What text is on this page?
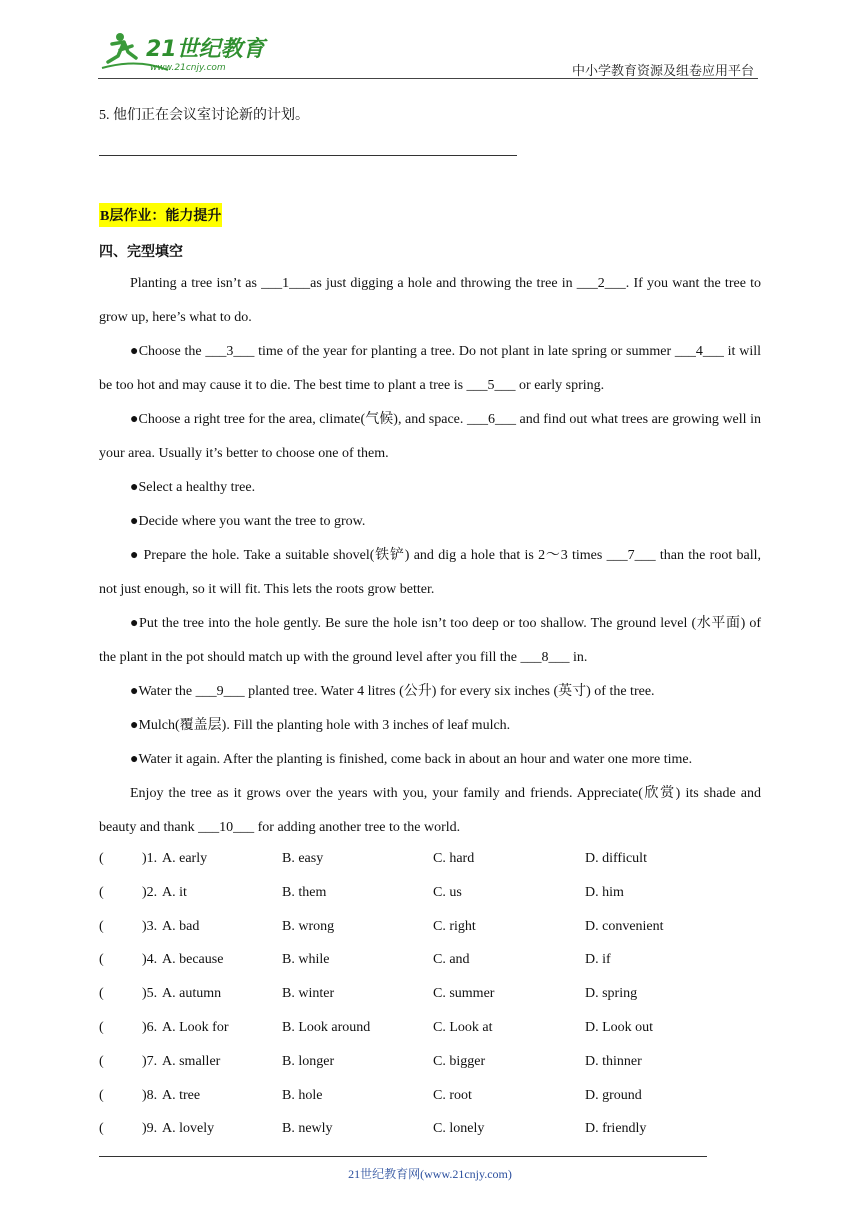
21世纪教育
www.21cnjy.com	中小学教育资源及组卷应用平台
5. 他们正在会议室讨论新的计划。
B层作业：能力提升
四、完型填空

Planting a tree isn’t as ___1___as just digging a hole and throwing the tree in ___2___. If you want the tree to grow up, here’s what to do.

●Choose the ___3___ time of the year for planting a tree. Do not plant in late spring or summer ___4___ it will be too hot and may cause it to die. The best time to plant a tree is ___5___ or early spring.

●Choose a right tree for the area, climate(气候), and space. ___6___ and find out what trees are growing well in your area. Usually it’s better to choose one of them.

●Select a healthy tree.

●Decide where you want the tree to grow.

● Prepare the hole. Take a suitable shovel(铁铲) and dig a hole that is 2～3 times ___7___ than the root ball, not just enough, so it will fit. This lets the roots grow better.

●Put the tree into the hole gently. Be sure the hole isn’t too deep or too shallow. The ground level (水平面) of the plant in the pot should match up with the ground level after you fill the ___8___ in.

●Water the ___9___ planted tree. Water 4 litres (公升) for every six inches (英寸) of the tree.

●Mulch(覆盖层). Fill the planting hole with 3 inches of leaf mulch.

●Water it again. After the planting is finished, come back in about an hour and water one more time.

Enjoy the tree as it grows over the years with you, your family and friends. Appreciate(欣赏) its shade and beauty and thank ___10___ for adding another tree to the world.

(	)1. A. early	B. easy	C. hard	D. difficult
(	)2. A. it	B. them	C. us	D. him
(	)3. A. bad	B. wrong	C. right	D. convenient
(	)4. A. because	B. while	C. and	D. if
(	)5. A. autumn	B. winter	C. summer	D. spring
(	)6. A. Look for	B. Look around	C. Look at	D. Look out
(	)7. A. smaller	B. longer	C. bigger	D. thinner
(	)8. A. tree	B. hole	C. root	D. ground
(	)9. A. lovely	B. newly	C. lonely	D. friendly
21世纪教育网(www.21cnjy.com)
